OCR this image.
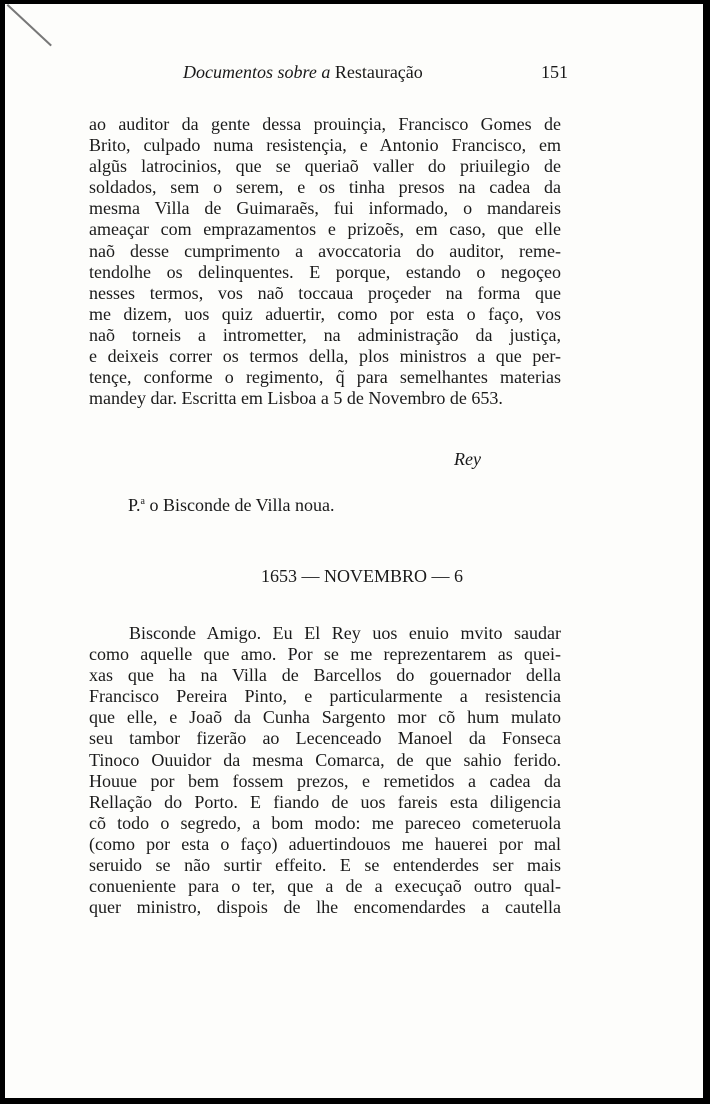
Documentos sobre a Restauração	151
ao auditor da gente dessa prouinçia, Francisco Gomes de
Brito, culpado numa resistençia, e Antonio Francisco, em
algũs latrocinios, que se queriaõ valler do priuilegio de
soldados, sem o serem, e os tinha presos na cadea da
mesma Villa de Guimaraẽs, fui informado, o mandareis
ameaçar com emprazamentos e prizoẽs, em caso, que elle
naõ desse cumprimento a avoccatoria do auditor, reme-
tendolhe os delinquentes. E porque, estando o negoçeo
nesses termos, vos naõ toccaua proçeder na forma que
me dizem, uos quiz aduertir, como por esta o faço, vos
naõ torneis a intrometter, na administração da justiça,
e deixeis correr os termos della, plos ministros a que per-
tençe, conforme o regimento, q̃ para semelhantes materias
mandey dar. Escritta em Lisboa a 5 de Novembro de 653.
Rey
P.$^a$ o Bisconde de Villa noua.
1653 — NOVEMBRO — 6
Bisconde Amigo. Eu El Rey uos enuio mvito saudar
como aquelle que amo. Por se me reprezentarem as quei-
xas que ha na Villa de Barcellos do gouernador della
Francisco Pereira Pinto, e particularmente a resistencia
que elle, e Joaõ da Cunha Sargento mor cõ hum mulato
seu tambor fizerão ao Lecenceado Manoel da Fonseca
Tinoco Ouuidor da mesma Comarca, de que sahio ferido.
Houue por bem fossem prezos, e remetidos a cadea da
Rellação do Porto. E fiando de uos fareis esta diligencia
cõ todo o segredo, a bom modo: me pareceo cometeruola
(como por esta o faço) aduertindouos me hauerei por mal
seruido se não surtir effeito. E se entenderdes ser mais
conueniente para o ter, que a de a execuçaõ outro qual-
quer ministro, dispois de lhe encomendardes a cautella
